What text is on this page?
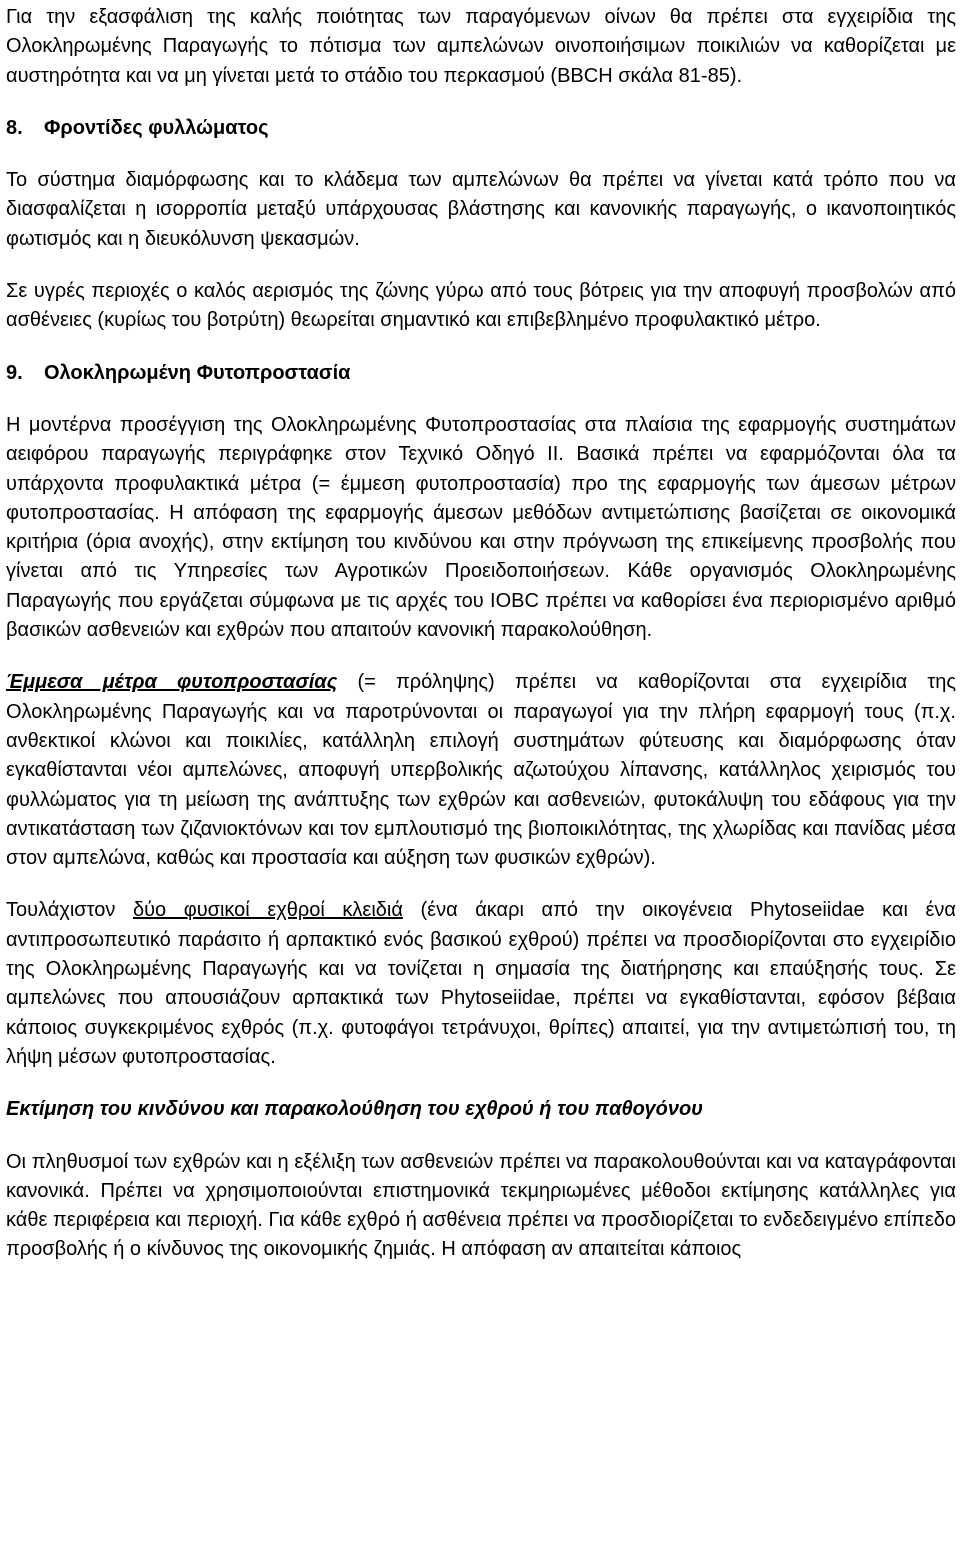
Για την εξασφάλιση της καλής ποιότητας των παραγόμενων οίνων θα πρέπει στα εγχειρίδια της Ολοκληρωμένης Παραγωγής το πότισμα των αμπελώνων οινοποιήσιμων ποικιλιών να καθορίζεται με αυστηρότητα και να μη γίνεται μετά το στάδιο του περκασμού (BBCH σκάλα 81-85).

8. Φροντίδες φυλλώματος

Το σύστημα διαμόρφωσης και το κλάδεμα των αμπελώνων θα πρέπει να γίνεται κατά τρόπο που να διασφαλίζεται η ισορροπία μεταξύ υπάρχουσας βλάστησης και κανονικής παραγωγής, ο ικανοποιητικός φωτισμός και η διευκόλυνση ψεκασμών.

Σε υγρές περιοχές ο καλός αερισμός της ζώνης γύρω από τους βότρεις για την αποφυγή προσβολών από ασθένειες (κυρίως του βοτρύτη) θεωρείται σημαντικό και επιβεβλημένο προφυλακτικό μέτρο.

9. Ολοκληρωμένη Φυτοπροστασία

Η μοντέρνα προσέγγιση της Ολοκληρωμένης Φυτοπροστασίας στα πλαίσια της εφαρμογής συστημάτων αειφόρου παραγωγής περιγράφηκε στον Τεχνικό Οδηγό ΙΙ. Βασικά πρέπει να εφαρμόζονται όλα τα υπάρχοντα προφυλακτικά μέτρα (= έμμεση φυτοπροστασία) προ της εφαρμογής των άμεσων μέτρων φυτοπροστασίας. Η απόφαση της εφαρμογής άμεσων μεθόδων αντιμετώπισης βασίζεται σε οικονομικά κριτήρια (όρια ανοχής), στην εκτίμηση του κινδύνου και στην πρόγνωση της επικείμενης προσβολής που γίνεται από τις Υπηρεσίες των Αγροτικών Προειδοποιήσεων. Κάθε οργανισμός Ολοκληρωμένης Παραγωγής που εργάζεται σύμφωνα με τις αρχές του IOBC πρέπει να καθορίσει ένα περιορισμένο αριθμό βασικών ασθενειών και εχθρών που απαιτούν κανονική παρακολούθηση.

Έμμεσα μέτρα φυτοπροστασίας (= πρόληψης) πρέπει να καθορίζονται στα εγχειρίδια της Ολοκληρωμένης Παραγωγής και να παροτρύνονται οι παραγωγοί για την πλήρη εφαρμογή τους (π.χ. ανθεκτικοί κλώνοι και ποικιλίες, κατάλληλη επιλογή συστημάτων φύτευσης και διαμόρφωσης όταν εγκαθίστανται νέοι αμπελώνες, αποφυγή υπερβολικής αζωτούχου λίπανσης, κατάλληλος χειρισμός του φυλλώματος για τη μείωση της ανάπτυξης των εχθρών και ασθενειών, φυτοκάλυψη του εδάφους για την αντικατάσταση των ζιζανιοκτόνων και τον εμπλουτισμό της βιοποικιλότητας, της χλωρίδας και πανίδας μέσα στον αμπελώνα, καθώς και προστασία και αύξηση των φυσικών εχθρών).

Τουλάχιστον δύο φυσικοί εχθροί κλειδιά (ένα άκαρι από την οικογένεια Phytoseiidae και ένα αντιπροσωπευτικό παράσιτο ή αρπακτικό ενός βασικού εχθρού) πρέπει να προσδιορίζονται στο εγχειρίδιο της Ολοκληρωμένης Παραγωγής και να τονίζεται η σημασία της διατήρησης και επαύξησής τους. Σε αμπελώνες που απουσιάζουν αρπακτικά των Phytoseiidae, πρέπει να εγκαθίστανται, εφόσον βέβαια κάποιος συγκεκριμένος εχθρός (π.χ. φυτοφάγοι τετράνυχοι, θρίπες) απαιτεί, για την αντιμετώπισή του, τη λήψη μέσων φυτοπροστασίας.

Εκτίμηση του κινδύνου και παρακολούθηση του εχθρού ή του παθογόνου

Οι πληθυσμοί των εχθρών και η εξέλιξη των ασθενειών πρέπει να παρακολουθούνται και να καταγράφονται κανονικά. Πρέπει να χρησιμοποιούνται επιστημονικά τεκμηριωμένες μέθοδοι εκτίμησης κατάλληλες για κάθε περιφέρεια και περιοχή. Για κάθε εχθρό ή ασθένεια πρέπει να προσδιορίζεται το ενδεδειγμένο επίπεδο προσβολής ή ο κίνδυνος της οικονομικής ζημιάς. Η απόφαση αν απαιτείται κάποιος
